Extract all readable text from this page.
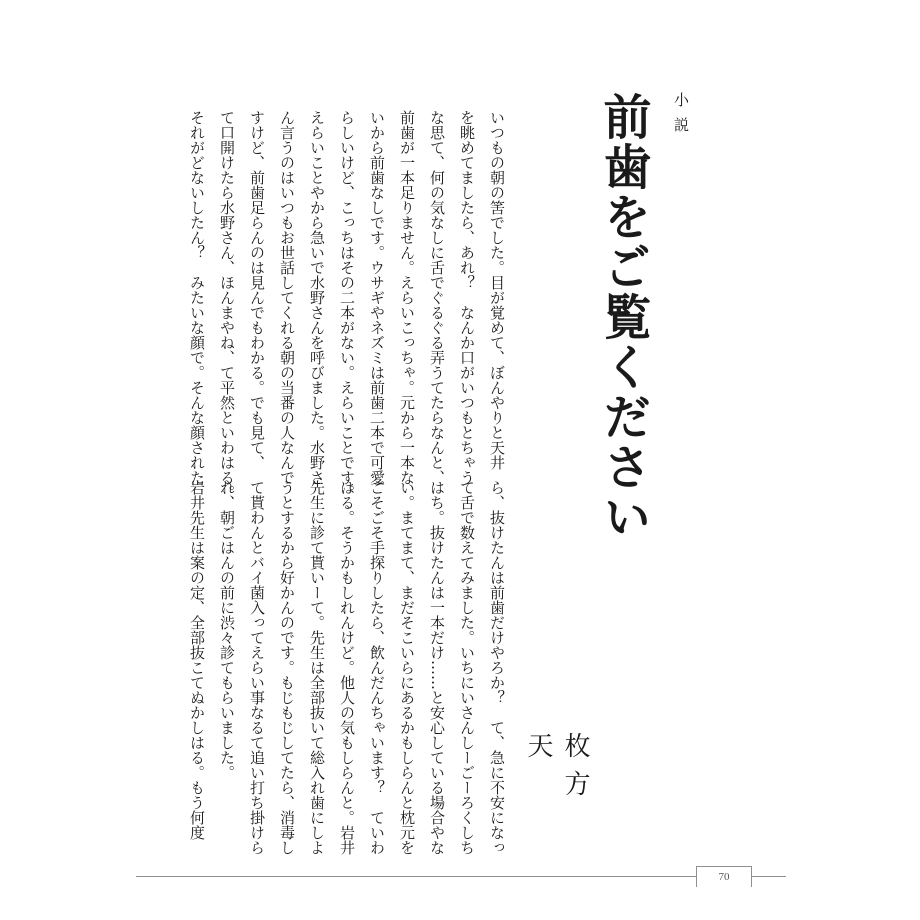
小説
前歯をご覧ください
枚方天

いつもの朝の筈でした。目が覚めて、ぼんやりと天井

を眺めてましたら、あれ？　なんか口がいつもとちゃう

な思て、何の気なしに舌でぐるぐる弄うてたらなんと、

前歯が一本足りません。えらいこっちゃ。元から一本な

いから前歯なしです。ウサギやネズミは前歯二本で可愛

らしいけど、こっちはその二本がない。えらいことです。

えらいことやから急いで水野さんを呼びました。水野さ

ん言うのはいつもお世話してくれる朝の当番の人なんで

すけど、前歯足らんのは見んでもわかる。でも見て、

て口開けたら水野さん、ほんまやね、て平然といわはる。

それがどないしたん？　みたいな顔で。そんな顔された

ら、抜けたんは前歯だけやろか？　て、急に不安になっ

て舌で数えてみました。いちにいさんしーごーろくしち

はち。抜けたんは一本だけ……と安心している場合やな

い。まてまて、まだそこいらにあるかもしらんと枕元を

ごそごそ手探りしたら、飲んだんちゃいます？　ていわ

はる。そうかもしれんけど。他人の気もしらんと。岩井

先生に診て貰いーて。先生は全部抜いて総入れ歯にしよ

うとするから好かんのです。もじもじしてたら、消毒し

て貰わんとバイ菌入ってえらい事なるて追い打ち掛けら

れ、朝ごはんの前に渋々診てもらいました。

岩井先生は案の定、全部抜こてぬかしはる。もう何度

70
